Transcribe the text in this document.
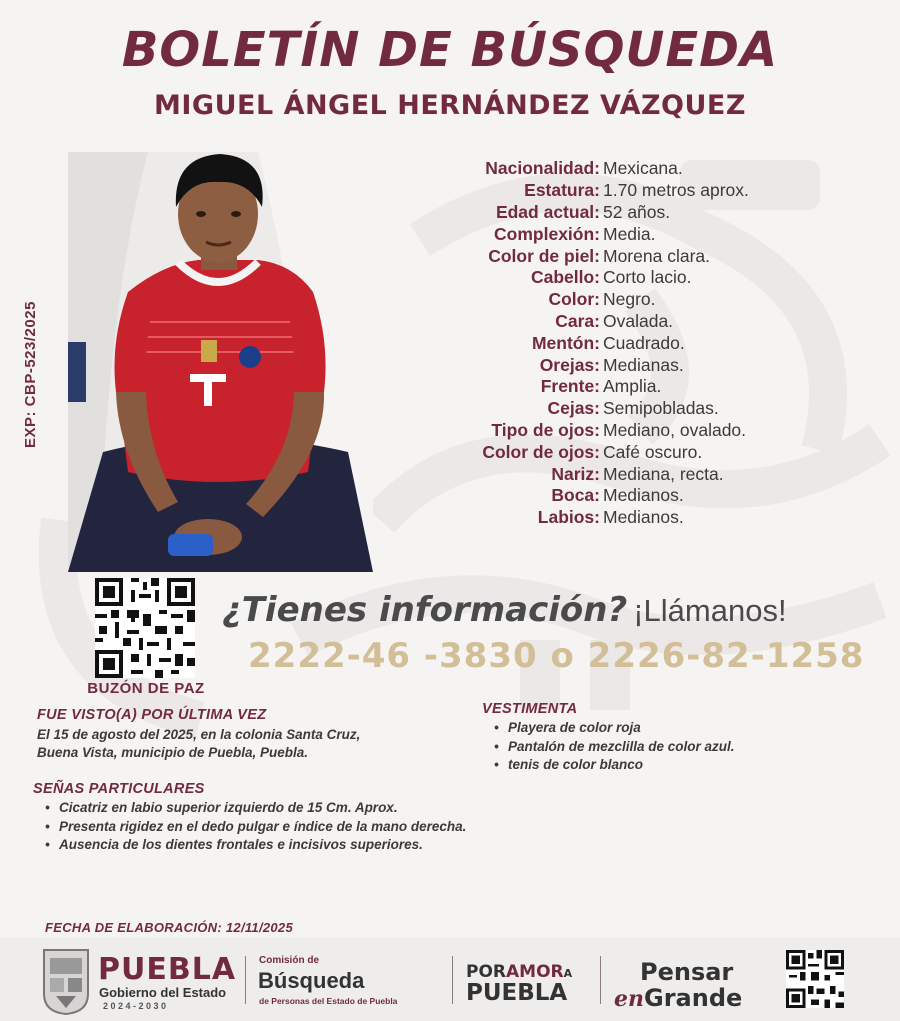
BOLETÍN DE BÚSQUEDA
MIGUEL ÁNGEL HERNÁNDEZ VÁZQUEZ
EXP: CBP-523/2025
Nacionalidad: Mexicana.
Estatura: 1.70 metros aprox.
Edad actual: 52 años.
Complexión: Media.
Color de piel: Morena clara.
Cabello: Corto lacio.
Color: Negro.
Cara: Ovalada.
Mentón: Cuadrado.
Orejas: Medianas.
Frente: Amplia.
Cejas: Semipobladas.
Tipo de ojos: Mediano, ovalado.
Color de ojos: Café oscuro.
Nariz: Mediana, recta.
Boca: Medianos.
Labios: Medianos.
BUZÓN DE PAZ
¿Tienes información? ¡Llámanos!
2222-46 -3830 o 2226-82-1258
FUE VISTO(A) POR ÚLTIMA VEZ
El 15 de agosto del 2025, en la colonia Santa Cruz,
Buena Vista, municipio de Puebla, Puebla.
VESTIMENTA
• Playera de color roja
• Pantalón de mezclilla de color azul.
• tenis de color blanco
SEÑAS PARTICULARES
• Cicatriz en labio superior izquierdo de 15 Cm. Aprox.
• Presenta rigidez en el dedo pulgar e índice de la mano derecha.
• Ausencia de los dientes frontales e incisivos superiores.
FECHA DE ELABORACIÓN: 12/11/2025
PUEBLA
Gobierno del Estado
2 0 2 4 - 2 0 3 0
Comisión de
Búsqueda
de Personas del Estado de Puebla
PORAMORA
PUEBLA
Pensar
enGrande
